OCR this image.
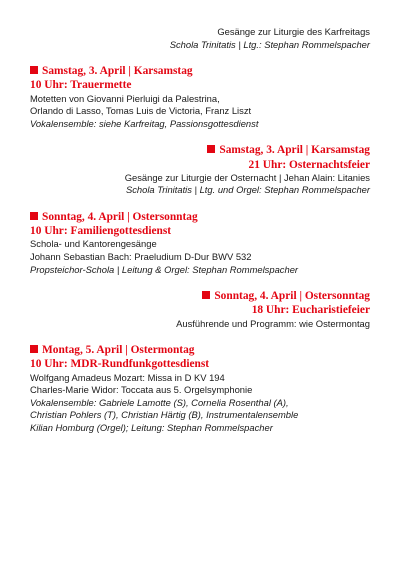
Gesänge zur Liturgie des Karfreitags
Schola Trinitatis | Ltg.: Stephan Rommelspacher
Samstag, 3. April | Karsamstag
10 Uhr: Trauermette
Motetten von Giovanni Pierluigi da Palestrina,
Orlando di Lasso, Tomas Luis de Victoria, Franz Liszt
Vokalensemble: siehe Karfreitag, Passionsgottesdienst
Samstag, 3. April | Karsamstag
21 Uhr: Osternachtsfeier
Gesänge zur Liturgie der Osternacht | Jehan Alain: Litanies
Schola Trinitatis | Ltg. und Orgel: Stephan Rommelspacher
Sonntag, 4. April | Ostersonntag
10 Uhr: Familiengottesdienst
Schola- und Kantorengesänge
Johann Sebastian Bach: Praeludium D-Dur BWV 532
Propsteichor-Schola | Leitung & Orgel: Stephan Rommelspacher
Sonntag, 4. April | Ostersonntag
18 Uhr: Eucharistiefeier
Ausführende und Programm: wie Ostermontag
Montag, 5. April | Ostermontag
10 Uhr: MDR-Rundfunkgottesdienst
Wolfgang Amadeus Mozart: Missa in D KV 194
Charles-Marie Widor: Toccata aus 5. Orgelsymphonie
Vokalensemble: Gabriele Lamotte (S), Cornelia Rosenthal (A),
Christian Pohlers (T), Christian Härtig (B), Instrumentalensemble
Kilian Homburg (Orgel); Leitung: Stephan Rommelspacher
